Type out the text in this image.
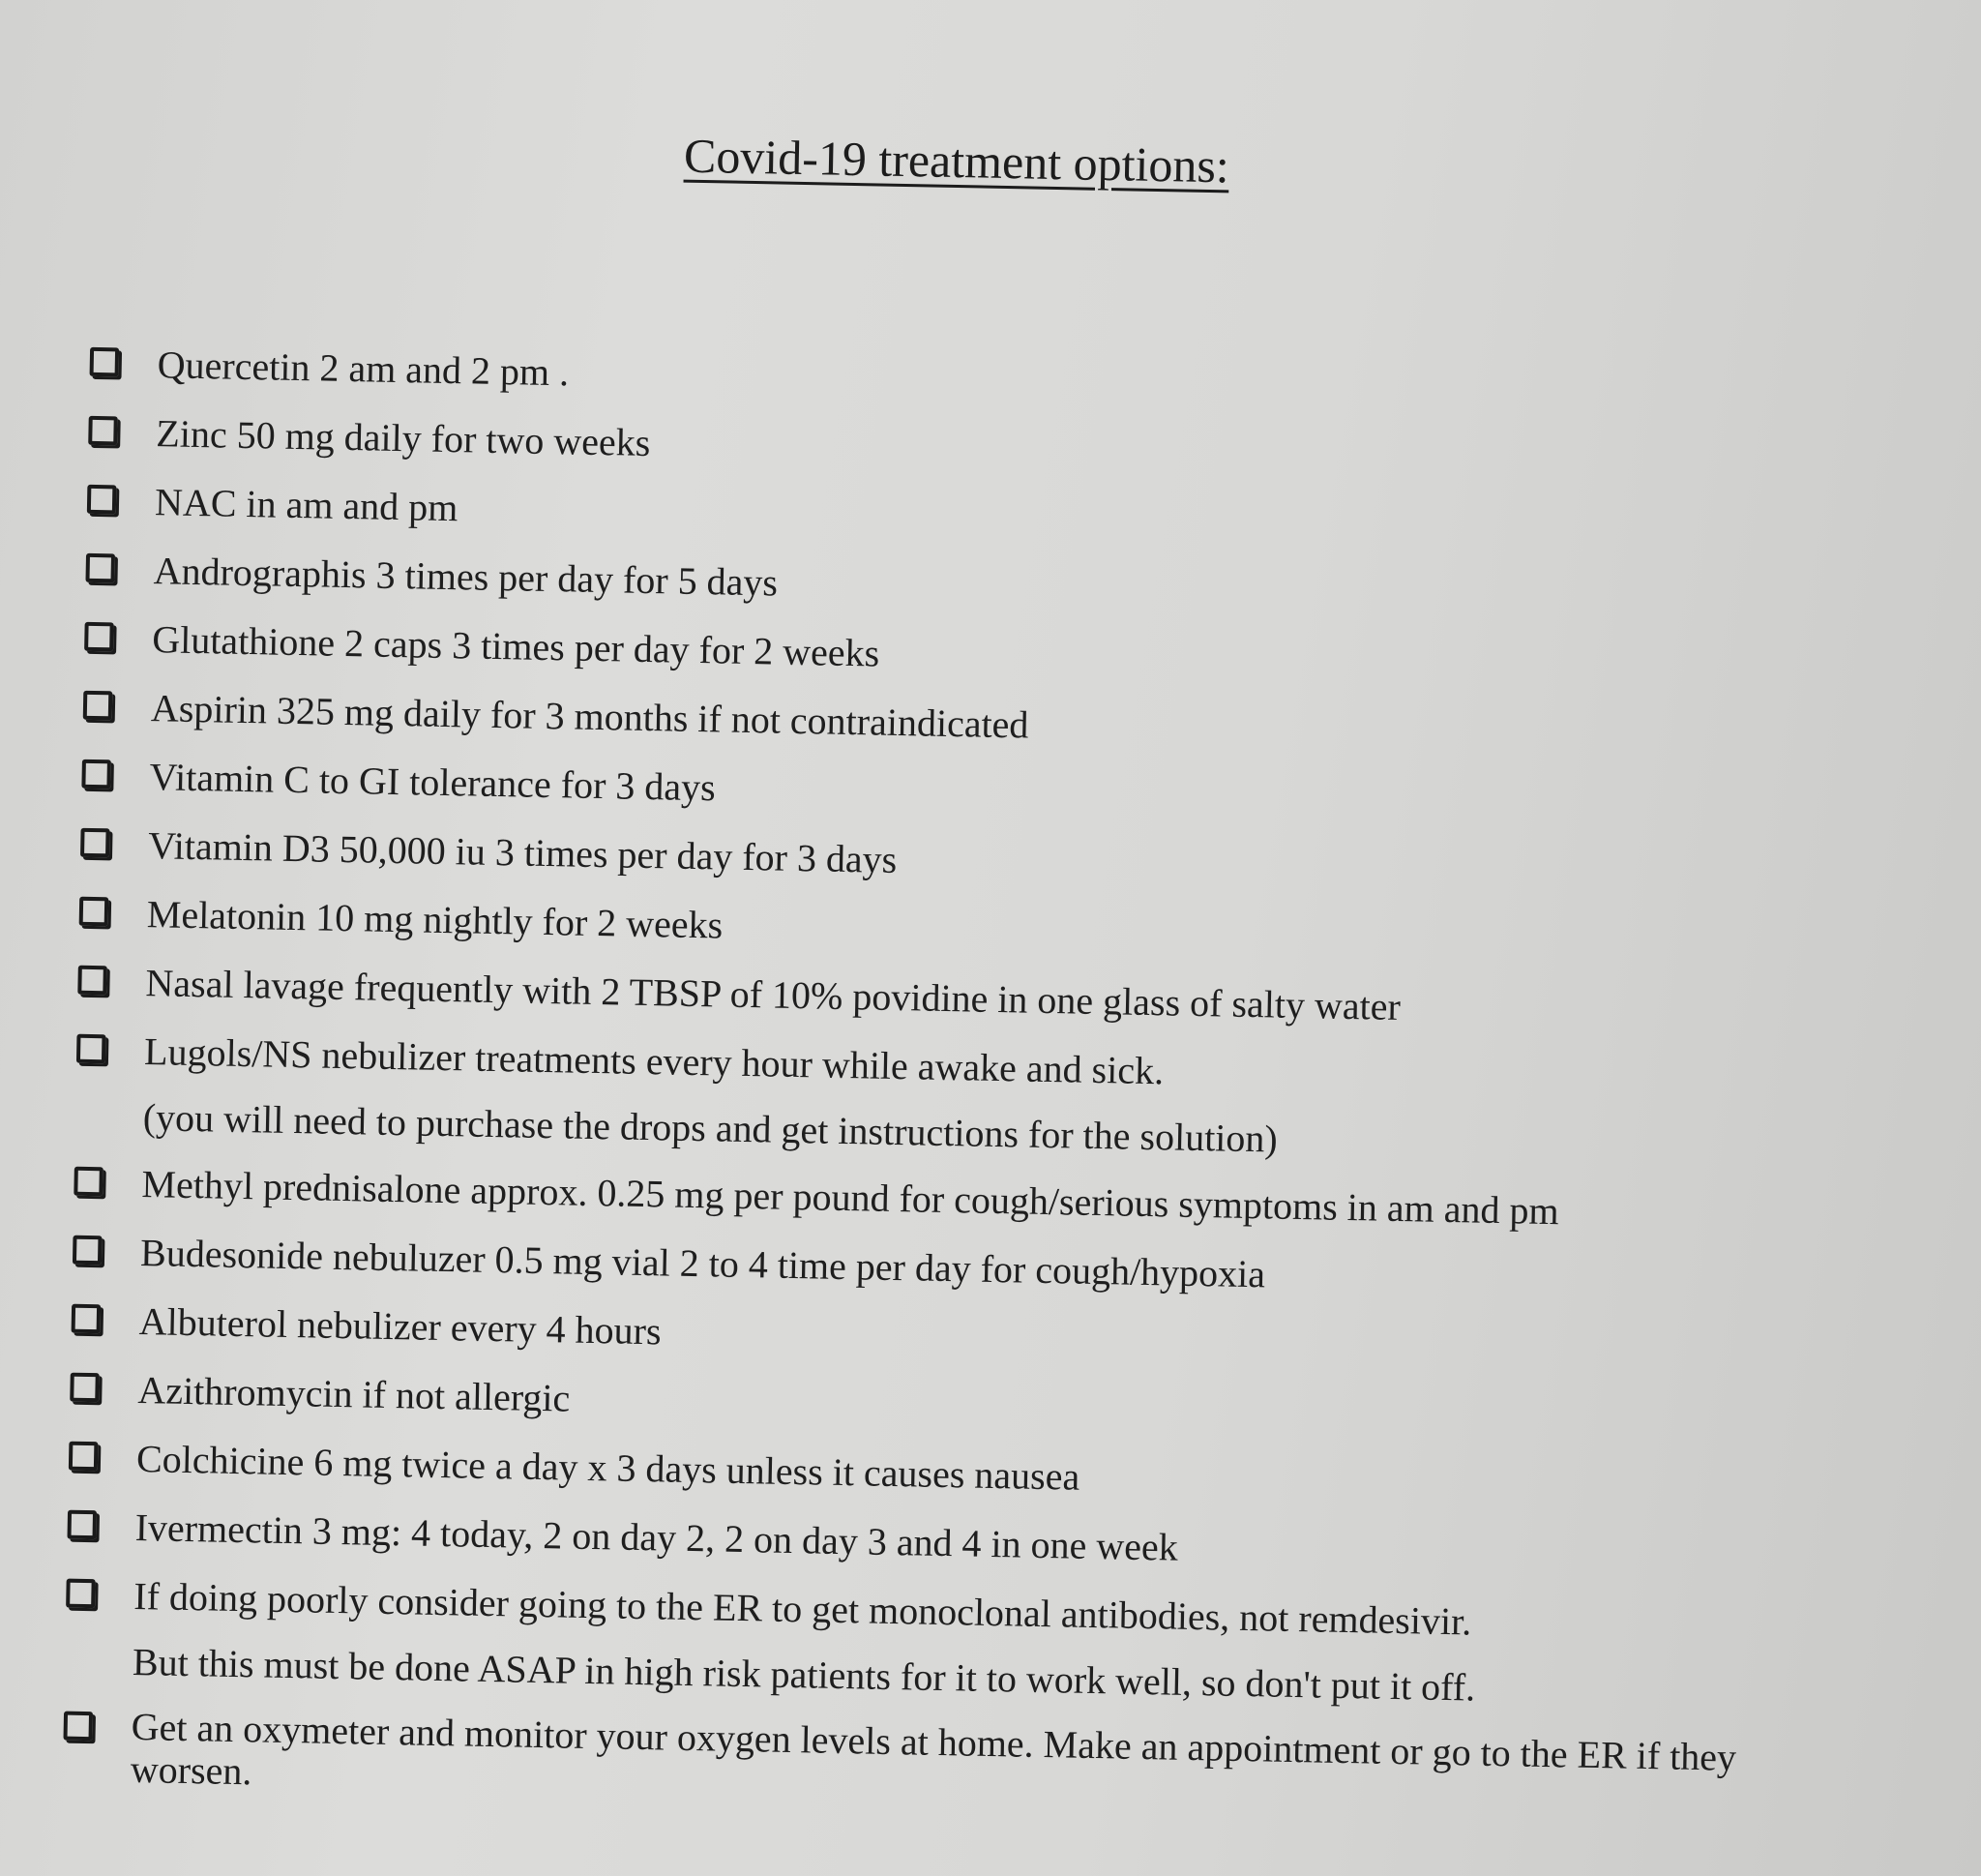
Covid-19 treatment options:
Quercetin 2 am and 2 pm .
Zinc 50 mg daily for two weeks
NAC in am and pm
Andrographis 3 times per day for 5 days
Glutathione 2 caps 3 times per day for 2 weeks
Aspirin 325 mg daily for 3 months if not contraindicated
Vitamin C to GI tolerance for 3 days
Vitamin D3 50,000 iu 3 times per day for 3 days
Melatonin 10 mg nightly for 2 weeks
Nasal lavage frequently with 2 TBSP of 10% povidine in one glass of salty water
Lugols/NS nebulizer treatments every hour while awake and sick.
(you will need to purchase the drops and get instructions for the solution)
Methyl prednisalone approx. 0.25 mg per pound for cough/serious symptoms in am and pm
Budesonide nebuluzer 0.5 mg vial 2 to 4 time per day for cough/hypoxia
Albuterol nebulizer every 4 hours
Azithromycin if not allergic
Colchicine 6 mg twice a day x 3 days unless it causes nausea
Ivermectin 3 mg: 4 today, 2 on day 2, 2 on day 3 and 4 in one week
If doing poorly consider going to the ER to get monoclonal antibodies, not remdesivir.
But this must be done ASAP in high risk patients for it to work well, so don't put it off.
Get an oxymeter and monitor your oxygen levels at home. Make an appointment or go to the ER if they worsen.
